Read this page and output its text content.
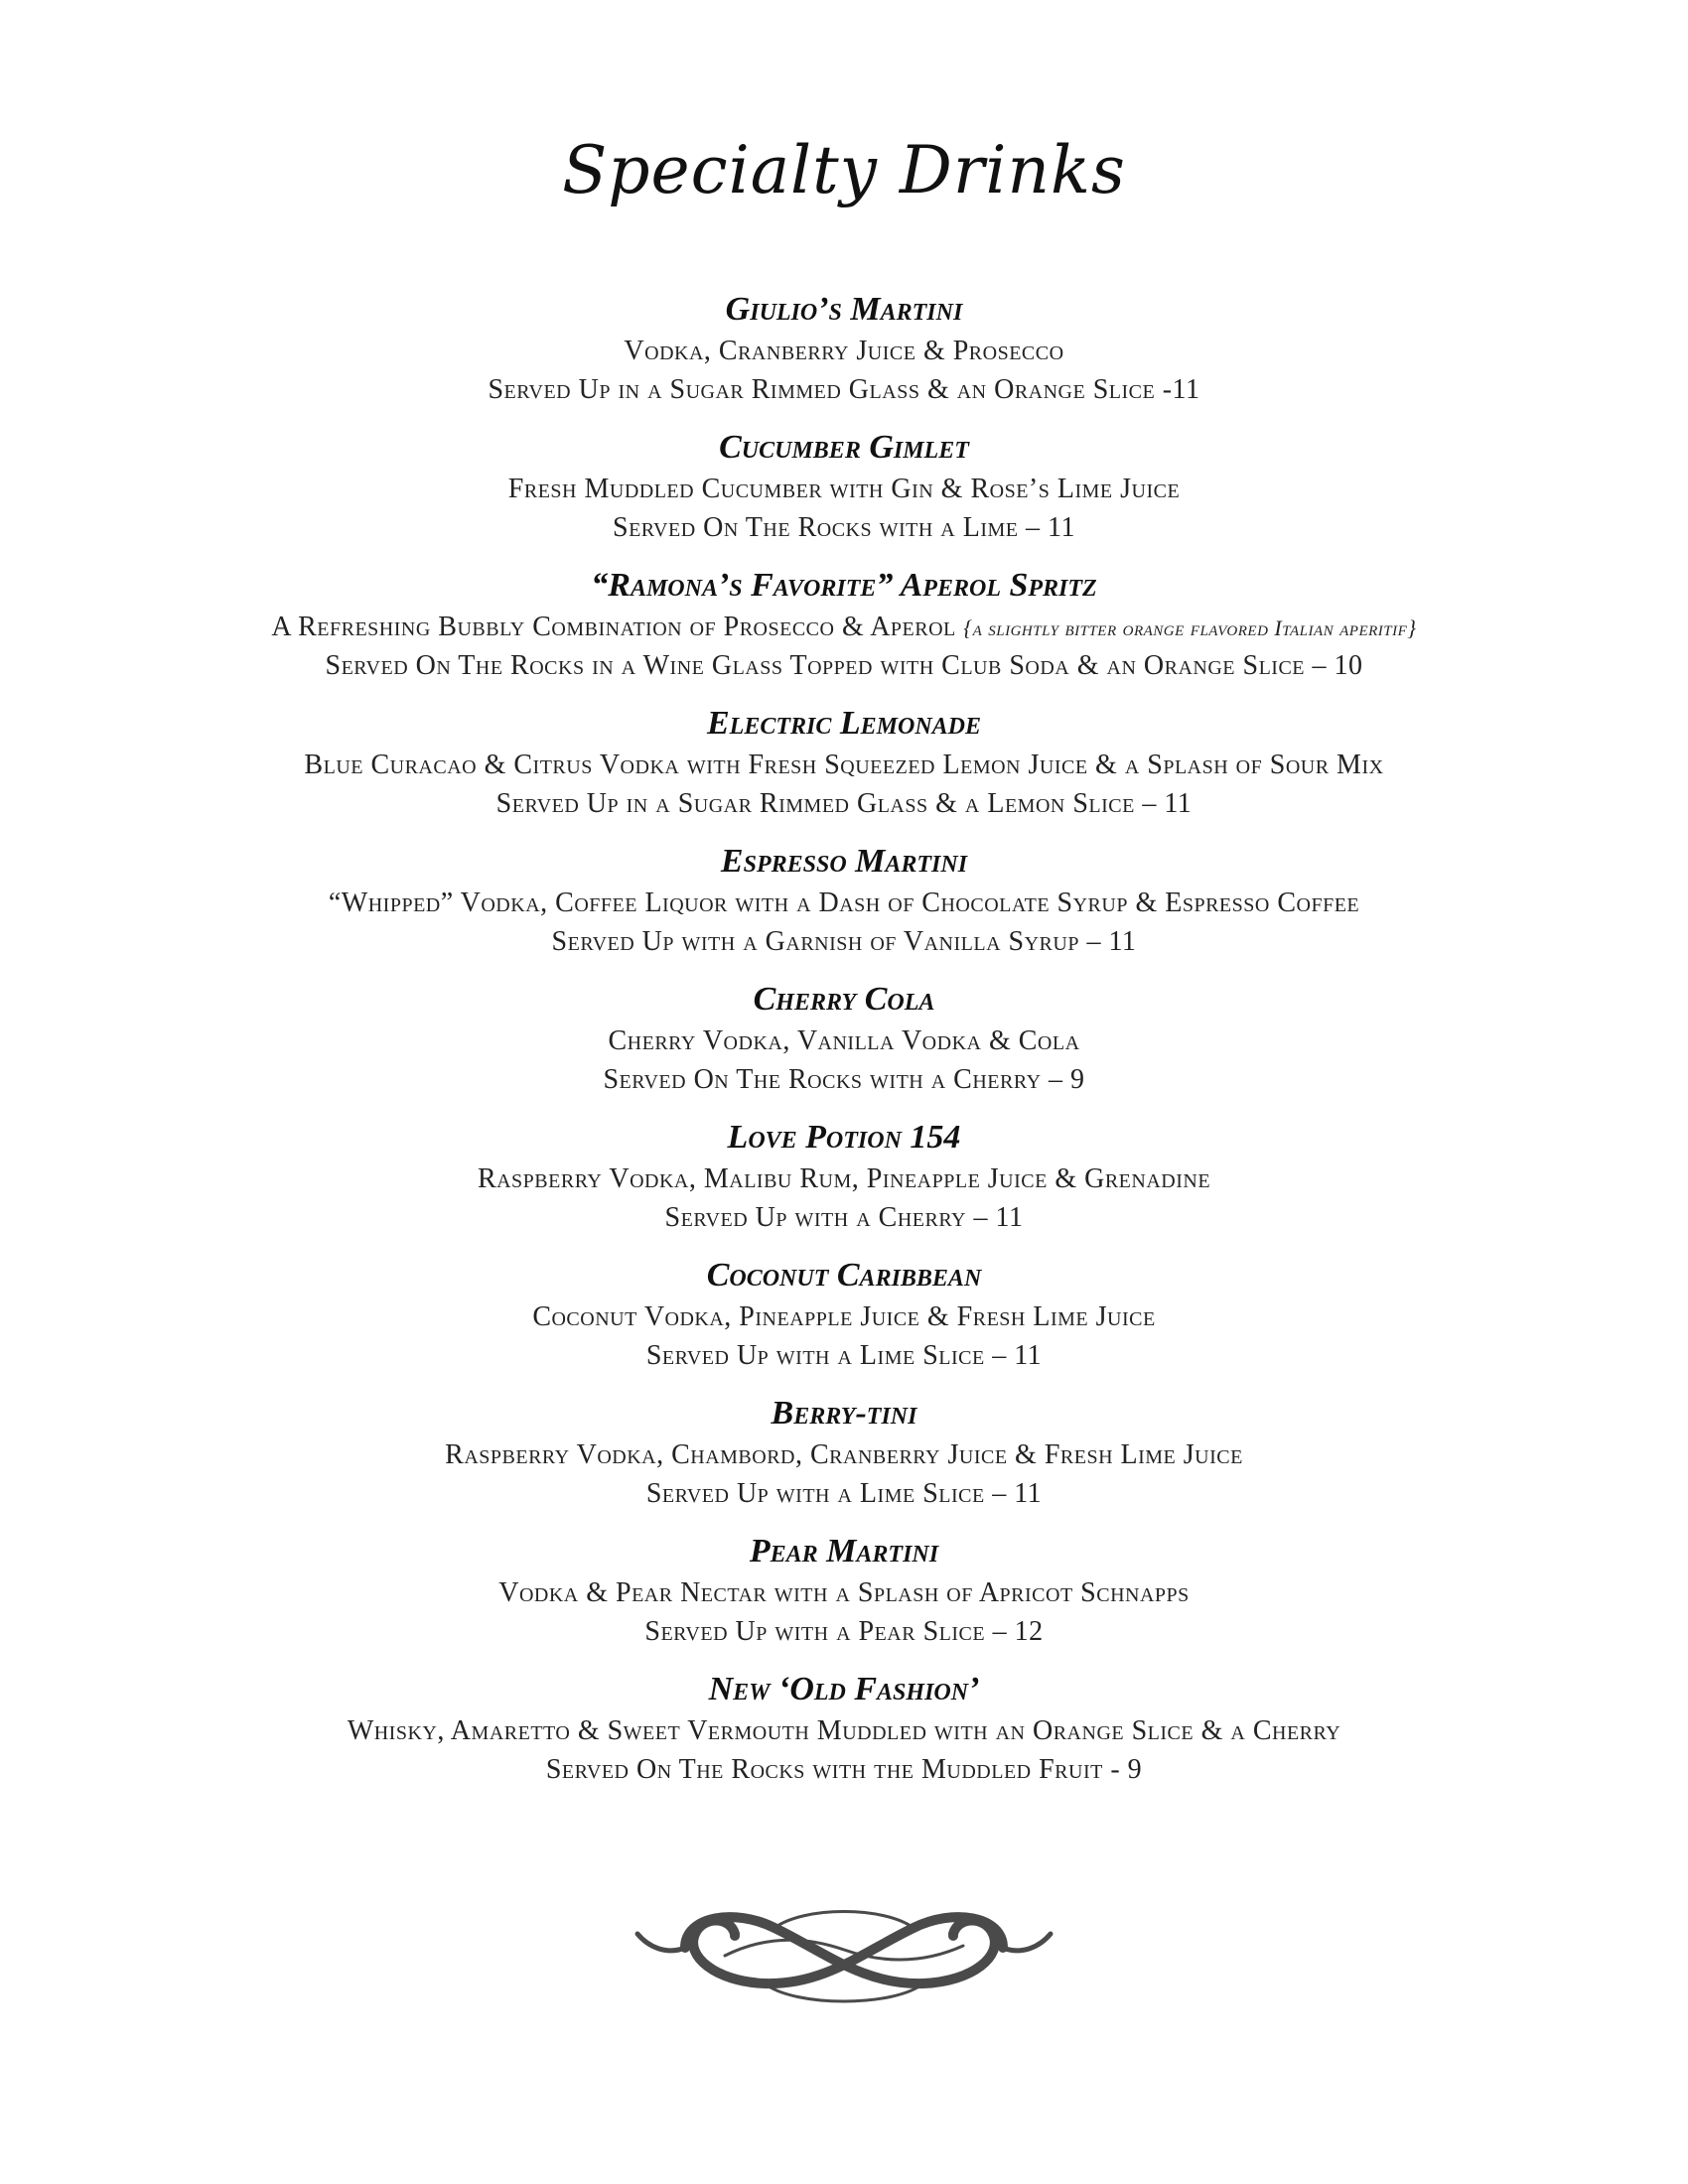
Specialty Drinks
Giulio’s Martini
Vodka, Cranberry Juice & Prosecco
Served Up in a Sugar Rimmed Glass & an Orange Slice -11
Cucumber Gimlet
Fresh Muddled Cucumber with Gin & Rose’s Lime Juice
Served On The Rocks with a Lime – 11
“Ramona’s Favorite” Aperol Spritz
A Refreshing Bubbly Combination of Prosecco & Aperol {a slightly bitter orange flavored Italian aperitif}
Served On The Rocks in a Wine Glass Topped with Club Soda & an Orange Slice – 10
Electric Lemonade
Blue Curacao & Citrus Vodka with Fresh Squeezed Lemon Juice & a Splash of Sour Mix
Served Up in a Sugar Rimmed Glass & a Lemon Slice – 11
Espresso Martini
“Whipped” Vodka, Coffee Liquor with a Dash of Chocolate Syrup & Espresso Coffee
Served Up with a Garnish of Vanilla Syrup – 11
Cherry Cola
Cherry Vodka, Vanilla Vodka & Cola
Served On The Rocks with a Cherry – 9
Love Potion 154
Raspberry Vodka, Malibu Rum, Pineapple Juice & Grenadine
Served Up with a Cherry – 11
Coconut Caribbean
Coconut Vodka, Pineapple Juice & Fresh Lime Juice
Served Up with a Lime Slice – 11
Berry-tini
Raspberry Vodka, Chambord, Cranberry Juice & Fresh Lime Juice
Served Up with a Lime Slice – 11
Pear Martini
Vodka & Pear Nectar with a Splash of Apricot Schnapps
Served Up with a Pear Slice – 12
New ‘Old Fashion’
Whisky, Amaretto & Sweet Vermouth Muddled with an Orange Slice & a Cherry
Served On The Rocks with the Muddled Fruit - 9
